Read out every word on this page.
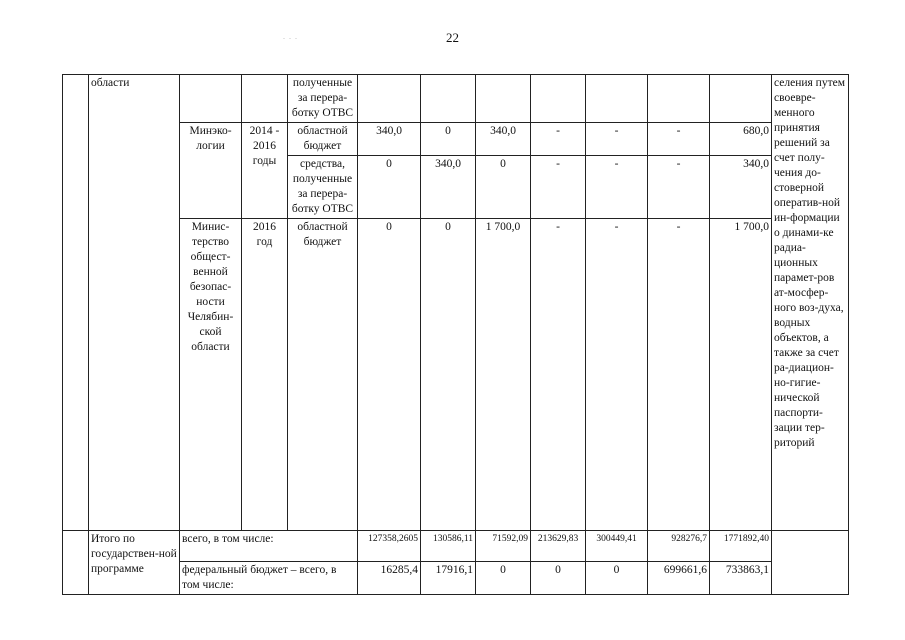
22
. . .
	области			полученные за перера-ботку ОТВС								селения путем своевре-менного принятия решений за счет полу-чения до-стоверной оператив-ной ин-формации о динами-ке радиа-ционных парамет-ров ат-мосфер-ного воз-духа, водных объектов, а также за счет ра-диацион-но-гигие-нической паспорти-зации тер-риторий
		Минэко-логии	2014 - 2016 годы	областной бюджет	340,0	0	340,0	-	-	-	680,0	
				средства, полученные за перера-ботку ОТВС	0	340,0	0	-	-	-	340,0	
		Минис-терство общест-венной безопас-ности Челябин-ской области	2016 год	областной бюджет	0	0	1 700,0	-	-	-	1 700,0	
	Итого по государствен-ной программе	всего, в том числе:			127358,2605	130586,11	71592,09	213629,83	300449,41	928276,7	1771892,40	
		федеральный бюджет – всего, в том числе:			16285,4	17916,1	0	0	0	699661,6	733863,1	
